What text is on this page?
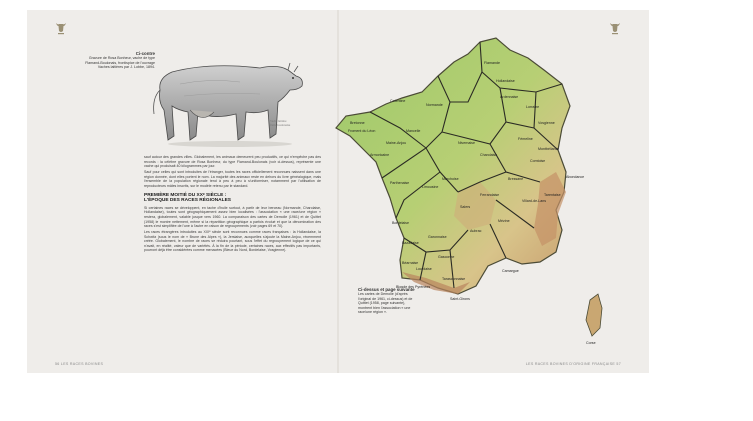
Ci-contre
Gravure de Rosa Bonheur, vache de type Flamand-Boulonais, frontispice de l'ouvrage Vaches laitières par J. Lobbe, 1894.
Vache laitière
flam.-boulonaise

sauf autour des grandes villes. Globalement, les animaux demeurent peu productifs, ce qui n'empêche pas des records : la célèbre gravure de Rosa Bonheur, du type Flamand-Boulonais (voir ci-dessus), représente une vache qui produisait 40 kilogrammes par jour.

Sauf pour celles qui sont introduites de l'étranger, toutes les races officiellement reconnues naissent dans une région donnée, dont elles portent le nom. La majorité des animaux reste en dehors du livre généalogique, mais l'ensemble de la population régionale tend à peu à peu à s'uniformiser, notamment par l'utilisation de reproducteurs mâles inscrits, sur le modèle retenu par le standard.

PREMIÈRE MOITIÉ DU XXᵉ SIÈCLE :
L'ÉPOQUE DES RACES RÉGIONALES

Si certaines races se développent, en tache d'huile surtout, à partir de leur berceau (Normande, Charolaise, Hollandaise), toutes sont géographiquement assez bien localisées : l'association « une race/une région » restera, globalement, valable jusque vers 1960. La comparaison des cartes de Demolle (1961) et de Quittet (1958) le montre nettement, même si la répartition géographique a parfois évolué et que la dénomination des races s'est simplifiée de l'une à l'autre en raison de regroupements (voir pages 69 et 70).

Les races étrangères introduites au XIXᵉ siècle sont reconnues comme races françaises : la Hollandaise, la Schwitz (sous le nom de « Brune des Alpes »), la Jersiaise, auxquelles s'ajoute la Maine-Anjou, récemment créée. Globalement, le nombre de races se réduira pourtant, sous l'effet du regroupement logique de ce qui n'avait, en réalité, valeur que de variétés. À la fin de la période, certaines races, aux effectifs pas importants, pourront déjà être considérées comme menacées (Bleue du Nord, Bordelaise, Vosgienne).

56 LES RACES BOVINES	LES RACES BOVINES D'ORIGINE FRANÇAISE 57
Flamande
Hollandaise
Bretonne
Normande
Cotentine
Maine-Anjou
Parthenaise
Froment du Léon
Armoricaine
Mancelle
Ardennaise
Lorraine
Vosgienne
Fémeline
Montbéliarde
Comtoise
Charolaise
Nivernaise
Bressane
Villard-de-Lans
Tarentaise
Abondance
Limousine
Marchoise
Salers
Aubrac
Ferrandaise
Mézine
Bordelaise
Bazadaise
Garonnaise
Gasconne
Lourdaise
Béarnaise
Blonde des Pyrénées
Camargue
Corse
Saint-Girons
Tarasconnaise
Ci-dessus et page suivante
Les cartes de Demolle (d'après l'original de 1961, ci-dessus) et de Quittet (1958, page suivante), montrent bien l'association « une race/une région ».
